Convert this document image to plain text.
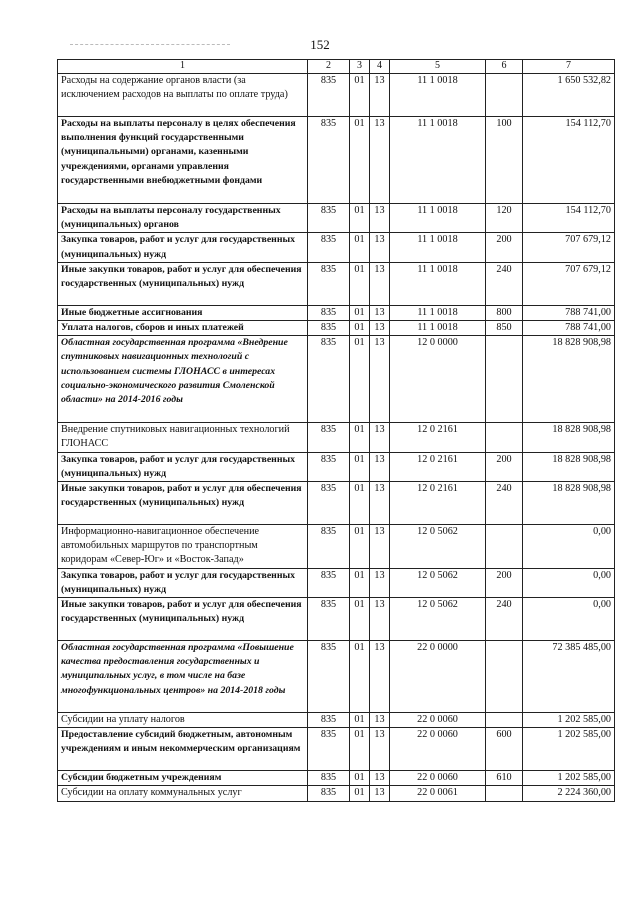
152
1	2	3	4	5	6	7
Расходы на содержание органов власти (за исключением расходов на выплаты по оплате труда)	835	01	13	11 1 0018		1 650 532,82
Расходы на выплаты персоналу в целях обеспечения выполнения функций государственными (муниципальными) органами, казенными учреждениями, органами управления государственными внебюджетными фондами	835	01	13	11 1 0018	100	154 112,70
Расходы на выплаты персоналу государственных (муниципальных) органов	835	01	13	11 1 0018	120	154 112,70
Закупка товаров, работ и услуг для государственных (муниципальных) нужд	835	01	13	11 1 0018	200	707 679,12
Иные закупки товаров, работ и услуг для обеспечения государственных (муниципальных) нужд	835	01	13	11 1 0018	240	707 679,12
Иные бюджетные ассигнования	835	01	13	11 1 0018	800	788 741,00
Уплата налогов, сборов и иных платежей	835	01	13	11 1 0018	850	788 741,00
Областная государственная программа «Внедрение спутниковых навигационных технологий с использованием системы ГЛОНАСС в интересах социально-экономического развития Смоленской области» на 2014-2016 годы	835	01	13	12 0 0000		18 828 908,98
Внедрение спутниковых навигационных технологий ГЛОНАСС	835	01	13	12 0 2161		18 828 908,98
Закупка товаров, работ и услуг для государственных (муниципальных) нужд	835	01	13	12 0 2161	200	18 828 908,98
Иные закупки товаров, работ и услуг для обеспечения государственных (муниципальных) нужд	835	01	13	12 0 2161	240	18 828 908,98
Информационно-навигационное обеспечение автомобильных маршрутов по транспортным коридорам «Север-Юг» и «Восток-Запад»	835	01	13	12 0 5062		0,00
Закупка товаров, работ и услуг для государственных (муниципальных) нужд	835	01	13	12 0 5062	200	0,00
Иные закупки товаров, работ и услуг для обеспечения государственных (муниципальных) нужд	835	01	13	12 0 5062	240	0,00
Областная государственная программа «Повышение качества предоставления государственных и муниципальных услуг, в том числе на базе многофункциональных центров» на 2014-2018 годы	835	01	13	22 0 0000		72 385 485,00
Субсидии на уплату налогов	835	01	13	22 0 0060		1 202 585,00
Предоставление субсидий бюджетным, автономным учреждениям и иным некоммерческим организациям	835	01	13	22 0 0060	600	1 202 585,00
Субсидии бюджетным учреждениям	835	01	13	22 0 0060	610	1 202 585,00
Субсидии на оплату коммунальных услуг	835	01	13	22 0 0061		2 224 360,00
